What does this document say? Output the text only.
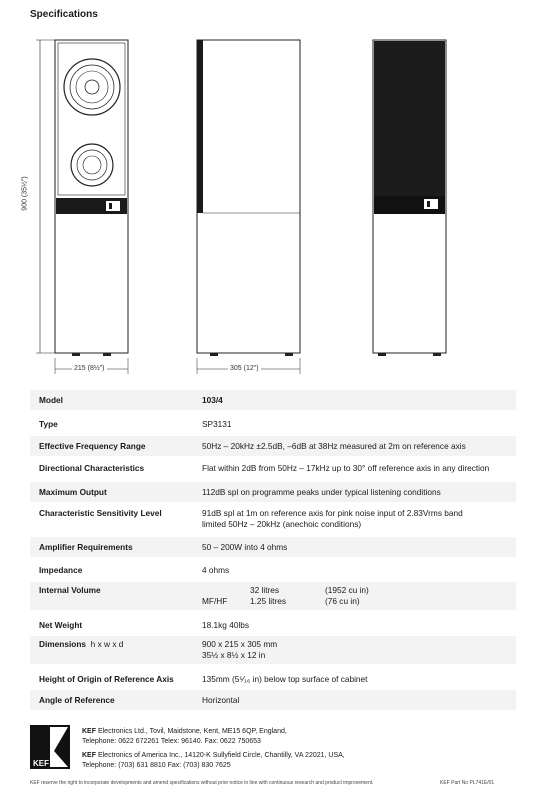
Specifications
900 (35½")
215 (8½")	305 (12")
Model	103/4
Type	SP3131
Effective Frequency Range	50Hz – 20kHz ±2.5dB, –6dB at 38Hz measured at 2m on reference axis
Directional Characteristics	Flat within 2dB from 50Hz – 17kHz up to 30° off reference axis in any direction
Maximum Output	112dB spl on programme peaks under typical listening conditions
Characteristic Sensitivity Level	91dB spl at 1m on reference axis for pink noise input of 2.83Vrms band
limited 50Hz – 20kHz (anechoic conditions)
Amplifier Requirements	50 – 200W into 4 ohms
Impedance	4 ohms
Internal Volume	32 litres	(1952 cu in)
MF/HF	1.25 litres	(76 cu in)
Net Weight	18.1kg 40lbs
Dimensions h x w x d	900 x 215 x 305 mm
35½ x 8½ x 12 in
Height of Origin of Reference Axis	135mm (5⁵⁄₁₆ in) below top surface of cabinet
Angle of Reference	Horizontal
KEF
KEF Electronics Ltd., Tovil, Maidstone, Kent, ME15 6QP, England,
Telephone: 0622 672261 Telex: 96140. Fax: 0622 750653
KEF Electronics of America Inc., 14120-K Sullyfield Circle, Chantilly, VA 22021, USA,
Telephone: (703) 631 8810 Fax: (703) 830 7625
KEF reserve the right to incorporate developments and amend specifications without prior notice in line with continuous research and product improvement.	KEF Part No PL741E/01
